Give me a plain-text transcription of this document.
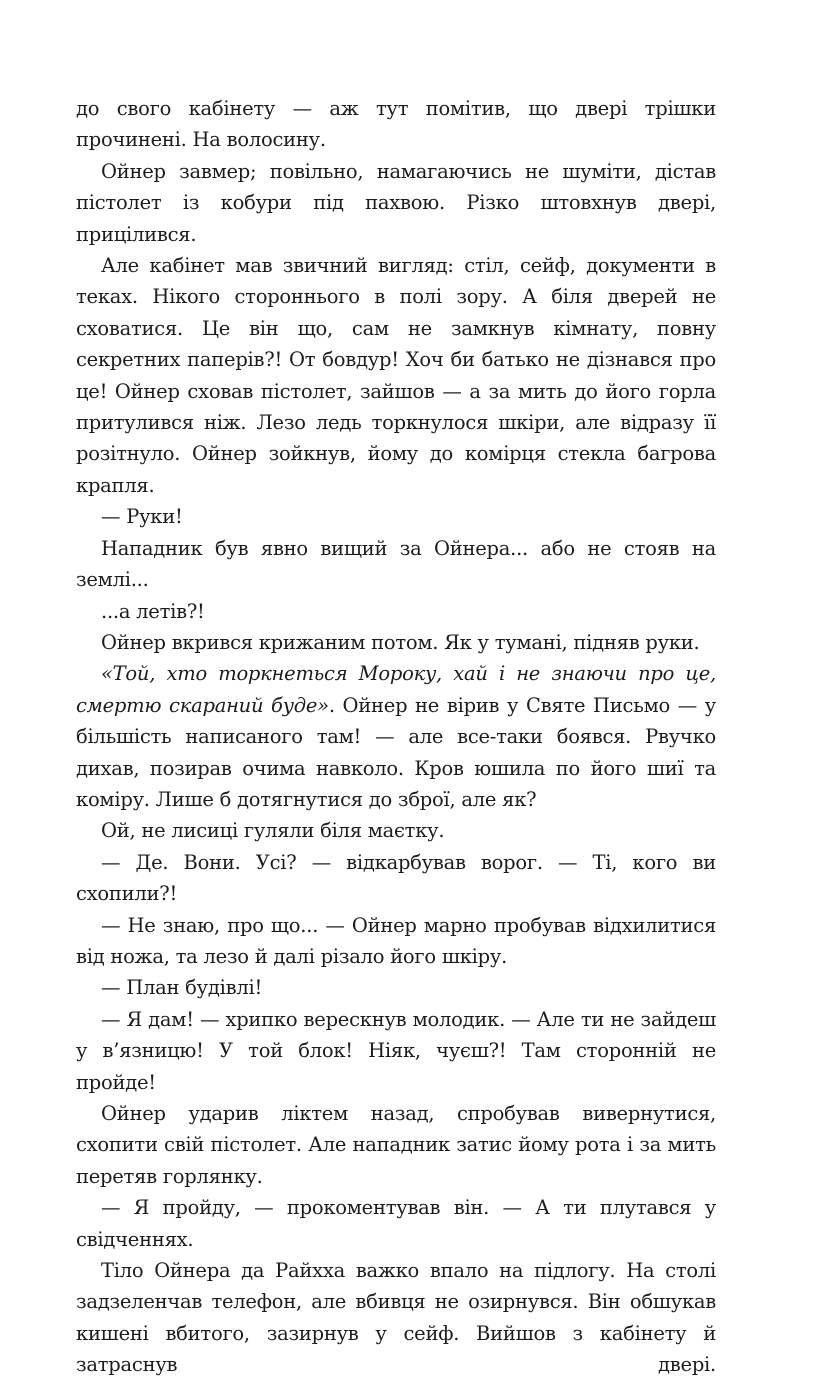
до свого кабінету — аж тут помітив, що двері трішки прочинені. На волосину.

Ойнер завмер; повільно, намагаючись не шуміти, дістав пістолет із кобури під пахвою. Різко штовхнув двері, прицілився.

Але кабінет мав звичний вигляд: стіл, сейф, документи в теках. Нікого стороннього в полі зору. А біля дверей не сховатися. Це він що, сам не замкнув кімнату, повну секретних паперів?! От бовдур! Хоч би батько не дізнався про це! Ойнер сховав пістолет, зайшов — а за мить до його горла притулився ніж. Лезо ледь торкнулося шкіри, але відразу її розітнуло. Ойнер зойкнув, йому до комірця стекла багрова крапля.

— Руки!

Нападник був явно вищий за Ойнера... або не стояв на землі...

...а летів?!

Ойнер вкрився крижаним потом. Як у тумані, підняв руки.

«Той, хто торкнеться Мороку, хай і не знаючи про це, смертю скараний буде». Ойнер не вірив у Святе Письмо — у більшість написаного там! — але все-таки боявся. Рвучко дихав, позирав очима навколо. Кров юшила по його шиї та коміру. Лише б дотягнутися до зброї, але як?

Ой, не лисиці гуляли біля маєтку.

— Де. Вони. Усі? — відкарбував ворог. — Ті, кого ви схопили?!

— Не знаю, про що... — Ойнер марно пробував відхилитися від ножа, та лезо й далі різало його шкіру.

— План будівлі!

— Я дам! — хрипко верескнув молодик. — Але ти не зайдеш у в’язницю! У той блок! Ніяк, чуєш?! Там сторонній не пройде!

Ойнер ударив ліктем назад, спробував вивернутися, схопити свій пістолет. Але нападник затис йому рота і за мить перетяв горлянку.

— Я пройду, — прокоментував він. — А ти плутався у свідченнях.

Тіло Ойнера да Райхха важко впало на підлогу. На столі задзеленчав телефон, але вбивця не озирнувся. Він обшукав кишені вбитого, зазирнув у сейф. Вийшов з кабінету й затраснув двері.
